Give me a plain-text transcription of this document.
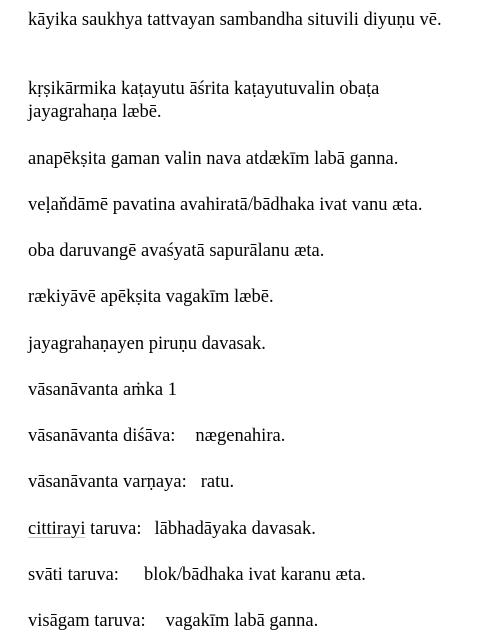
kāyika saukhya tattvayan sambandha situvili diyuṇu vē.

kṛṣikārmika kaṭayutu āśrita kaṭayutuvalin obaṭa jayagrahaṇa læbē.

anapēkṣita gaman valin nava atdækīm labā ganna.

veḷaňdāmē pavatina avahiratā/bādhaka ivat vanu æta.

oba daruvangē avaśyatā sapurālanu æta.

rækiyāvē apēkṣita vagakīm læbē.

jayagrahaṇayen piruṇu davasak.

vāsanāvanta aṁka 1

vāsanāvanta diśāva: nægenahira.

vāsanāvanta varṇaya: ratu.

cittirayi taruva: lābhadāyaka davasak.

svāti taruva: blok/bādhaka ivat karanu æta.

visāgam taruva: vagakīm labā ganna.
